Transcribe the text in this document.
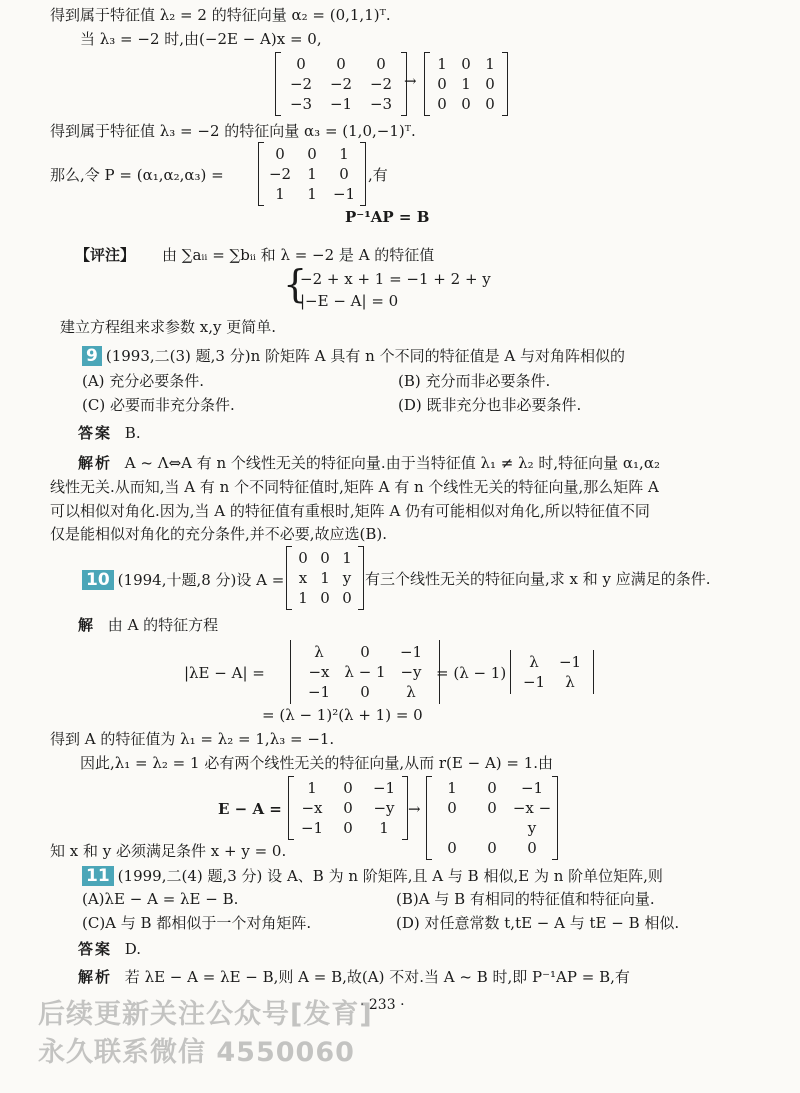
得到属于特征值 λ₂ = 2 的特征向量 α₂ = (0,1,1)ᵀ.
当 λ₃ = −2 时,由(−2E − A)x = 0,
0	0	0
−2	−2	−2
−3	−1	−3
→
1 0 1
0 1 0
0 0 0
得到属于特征值 λ₃ = −2 的特征向量 α₃ = (1,0,−1)ᵀ.
那么,令 P = (α₁,α₂,α₃) =
0	0	1
−2	1	0
1	1	−1
,有
P⁻¹AP = B
【评注】 由 ∑aᵢᵢ = ∑bᵢᵢ 和 λ = −2 是 A 的特征值
{
−2 + x + 1 = −1 + 2 + y
|−E − A| = 0
建立方程组来求参数 x,y 更简单.
9 (1993,二(3) 题,3 分)n 阶矩阵 A 具有 n 个不同的特征值是 A 与对角阵相似的
(A) 充分必要条件.	(B) 充分而非必要条件.
(C) 必要而非充分条件.	(D) 既非充分也非必要条件.
答案 B.
解析 A ~ Λ⇔A 有 n 个线性无关的特征向量.由于当特征值 λ₁ ≠ λ₂ 时,特征向量 α₁,α₂
线性无关.从而知,当 A 有 n 个不同特征值时,矩阵 A 有 n 个线性无关的特征向量,那么矩阵 A
可以相似对角化.因为,当 A 的特征值有重根时,矩阵 A 仍有可能相似对角化,所以特征值不同
仅是能相似对角化的充分条件,并不必要,故应选(B).
10 (1994,十题,8 分)设 A =
0 0 1
x 1 y
1 0 0
有三个线性无关的特征向量,求 x 和 y 应满足的条件.
解 由 A 的特征方程
|λE − A| =
λ	0	−1
−x λ − 1 −y
−1	0	λ
= (λ − 1)
λ	−1
−1	λ
= (λ − 1)²(λ + 1) = 0
得到 A 的特征值为 λ₁ = λ₂ = 1,λ₃ = −1.
因此,λ₁ = λ₂ = 1 必有两个线性无关的特征向量,从而 r(E − A) = 1.由
E − A =
1	0	−1
−x	0	−y
−1	0	1
→
1	0	−1
0	0	−x − y
0	0	0
知 x 和 y 必须满足条件 x + y = 0.
11 (1999,二(4) 题,3 分) 设 A、B 为 n 阶矩阵,且 A 与 B 相似,E 为 n 阶单位矩阵,则
(A)λE − A = λE − B.	(B)A 与 B 有相同的特征值和特征向量.
(C)A 与 B 都相似于一个对角矩阵.	(D) 对任意常数 t,tE − A 与 tE − B 相似.
答案 D.
解析 若 λE − A = λE − B,则 A = B,故(A) 不对.当 A ~ B 时,即 P⁻¹AP = B,有
· 233 ·
后续更新关注公众号[发育]
永久联系微信 4550060
